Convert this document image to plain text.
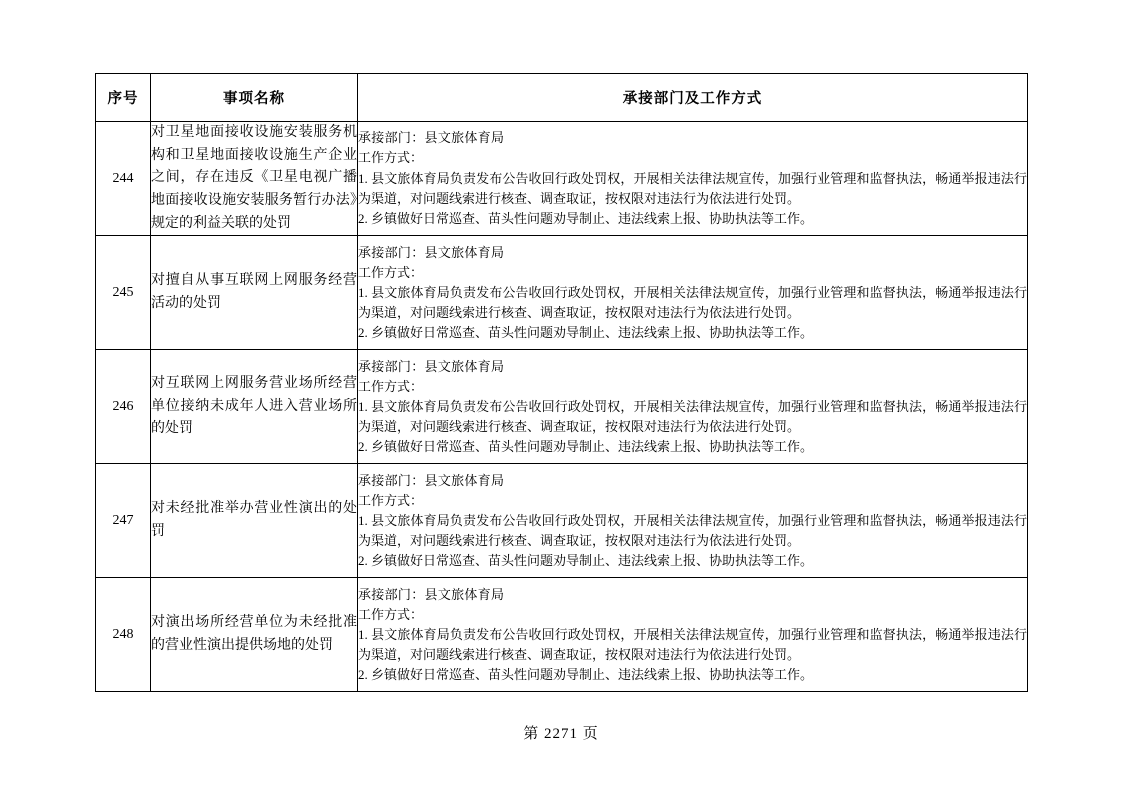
序号	事项名称	承接部门及工作方式
244	对卫星地面接收设施安装服务机构和卫星地面接收设施生产企业之间，存在违反《卫星电视广播地面接收设施安装服务暂行办法》规定的利益关联的处罚	承接部门：县文旅体育局
工作方式：
1. 县文旅体育局负责发布公告收回行政处罚权，开展相关法律法规宣传，加强行业管理和监督执法，畅通举报违法行为渠道，对问题线索进行核查、调查取证，按权限对违法行为依法进行处罚。
2. 乡镇做好日常巡查、苗头性问题劝导制止、违法线索上报、协助执法等工作。

245	对擅自从事互联网上网服务经营活动的处罚	承接部门：县文旅体育局
工作方式：
1. 县文旅体育局负责发布公告收回行政处罚权，开展相关法律法规宣传，加强行业管理和监督执法，畅通举报违法行为渠道，对问题线索进行核查、调查取证，按权限对违法行为依法进行处罚。
2. 乡镇做好日常巡查、苗头性问题劝导制止、违法线索上报、协助执法等工作。

246	对互联网上网服务营业场所经营单位接纳未成年人进入营业场所的处罚	承接部门：县文旅体育局
工作方式：
1. 县文旅体育局负责发布公告收回行政处罚权，开展相关法律法规宣传，加强行业管理和监督执法，畅通举报违法行为渠道，对问题线索进行核查、调查取证，按权限对违法行为依法进行处罚。
2. 乡镇做好日常巡查、苗头性问题劝导制止、违法线索上报、协助执法等工作。

247	对未经批准举办营业性演出的处罚	承接部门：县文旅体育局
工作方式：
1. 县文旅体育局负责发布公告收回行政处罚权，开展相关法律法规宣传，加强行业管理和监督执法，畅通举报违法行为渠道，对问题线索进行核查、调查取证，按权限对违法行为依法进行处罚。
2. 乡镇做好日常巡查、苗头性问题劝导制止、违法线索上报、协助执法等工作。

248	对演出场所经营单位为未经批准的营业性演出提供场地的处罚	承接部门：县文旅体育局
工作方式：
1. 县文旅体育局负责发布公告收回行政处罚权，开展相关法律法规宣传，加强行业管理和监督执法，畅通举报违法行为渠道，对问题线索进行核查、调查取证，按权限对违法行为依法进行处罚。
2. 乡镇做好日常巡查、苗头性问题劝导制止、违法线索上报、协助执法等工作。
第 2271 页
